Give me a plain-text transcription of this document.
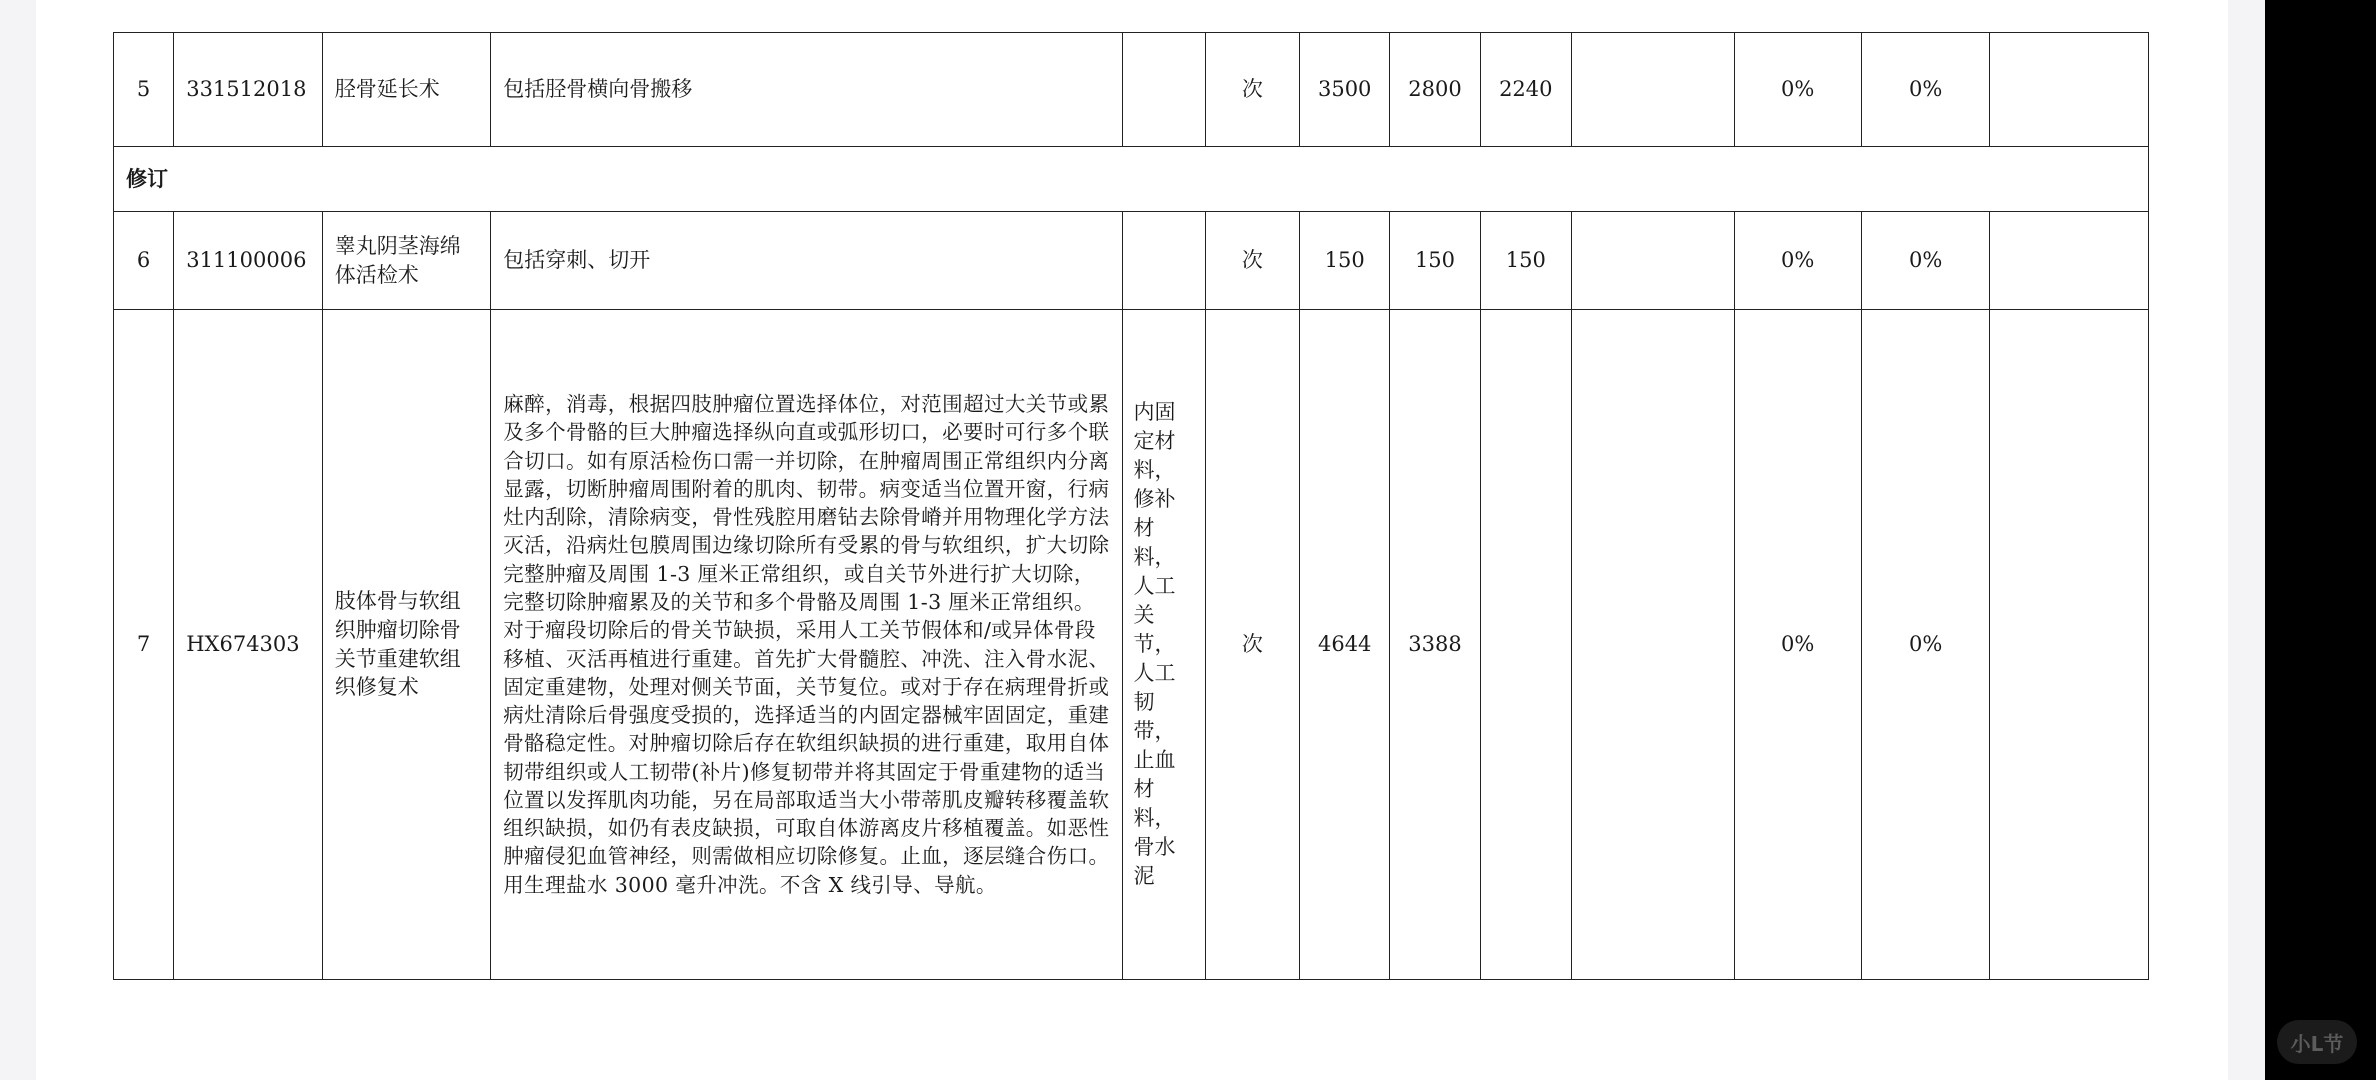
小L节
5	331512018	胫骨延长术	包括胫骨横向骨搬移		次	3500	2800	2240		0%	0%	
修订												
6	311100006	睾丸阴茎海绵体活检术	包括穿刺、切开		次	150	150	150		0%	0%	
7	HX674303	肢体骨与软组织肿瘤切除骨关节重建软组织修复术	麻醉，消毒，根据四肢肿瘤位置选择体位，对范围超过大关节或累及多个骨骼的巨大肿瘤选择纵向直或弧形切口，必要时可行多个联合切口。如有原活检伤口需一并切除，在肿瘤周围正常组织内分离显露，切断肿瘤周围附着的肌肉、韧带。病变适当位置开窗，行病灶内刮除，清除病变，骨性残腔用磨钻去除骨嵴并用物理化学方法灭活，沿病灶包膜周围边缘切除所有受累的骨与软组织，扩大切除完整肿瘤及周围 1-3 厘米正常组织，或自关节外进行扩大切除，完整切除肿瘤累及的关节和多个骨骼及周围 1-3 厘米正常组织。对于瘤段切除后的骨关节缺损，采用人工关节假体和/或异体骨段移植、灭活再植进行重建。首先扩大骨髓腔、冲洗、注入骨水泥、固定重建物，处理对侧关节面，关节复位。或对于存在病理骨折或病灶清除后骨强度受损的，选择适当的内固定器械牢固固定，重建骨骼稳定性。对肿瘤切除后存在软组织缺损的进行重建，取用自体韧带组织或人工韧带(补片)修复韧带并将其固定于骨重建物的适当位置以发挥肌肉功能，另在局部取适当大小带蒂肌皮瓣转移覆盖软组织缺损，如仍有表皮缺损，可取自体游离皮片移植覆盖。如恶性肿瘤侵犯血管神经，则需做相应切除修复。止血，逐层缝合伤口。用生理盐水 3000 毫升冲洗。不含 X 线引导、导航。	内固定材料，修补材料，人工关节，人工韧带，止血材料，骨水泥	次	4644	3388			0%	0%	
